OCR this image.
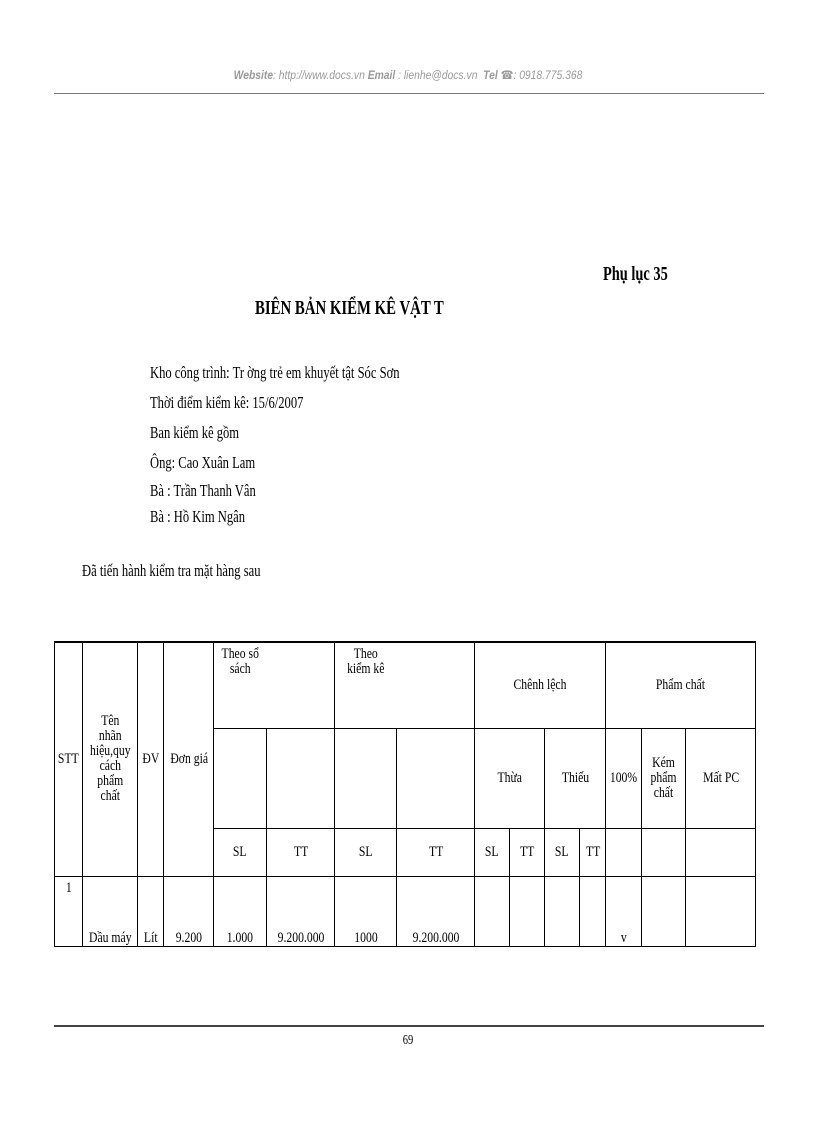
Website: http://www.docs.vn Email : lienhe@docs.vn Tel ☎: 0918.775.368
Phụ lục 35
BIÊN BẢN KIỂM KÊ VẬT T
Kho công trình: Tr ờng trẻ em khuyết tật Sóc Sơn
Thời điểm kiểm kê: 15/6/2007
Ban kiểm kê gồm
Ông: Cao Xuân Lam
Bà : Trần Thanh Vân
Bà : Hồ Kim Ngân
Đã tiến hành kiểm tra mặt hàng sau
STT	Tên nhãn hiệu,quy cách phẩm chất	ĐV	Đơn giá	Theo sổ sách		Theo kiểm kê		Chênh lệch				Phẩm chất		
								Thừa		Thiếu		100%	Kém phẩm chất	Mất PC
				SL	TT	SL	TT	SL	TT	SL	TT			
1	Dầu máy	Lít	9.200	1.000	9.200.000	1000	9.200.000					v		
69
